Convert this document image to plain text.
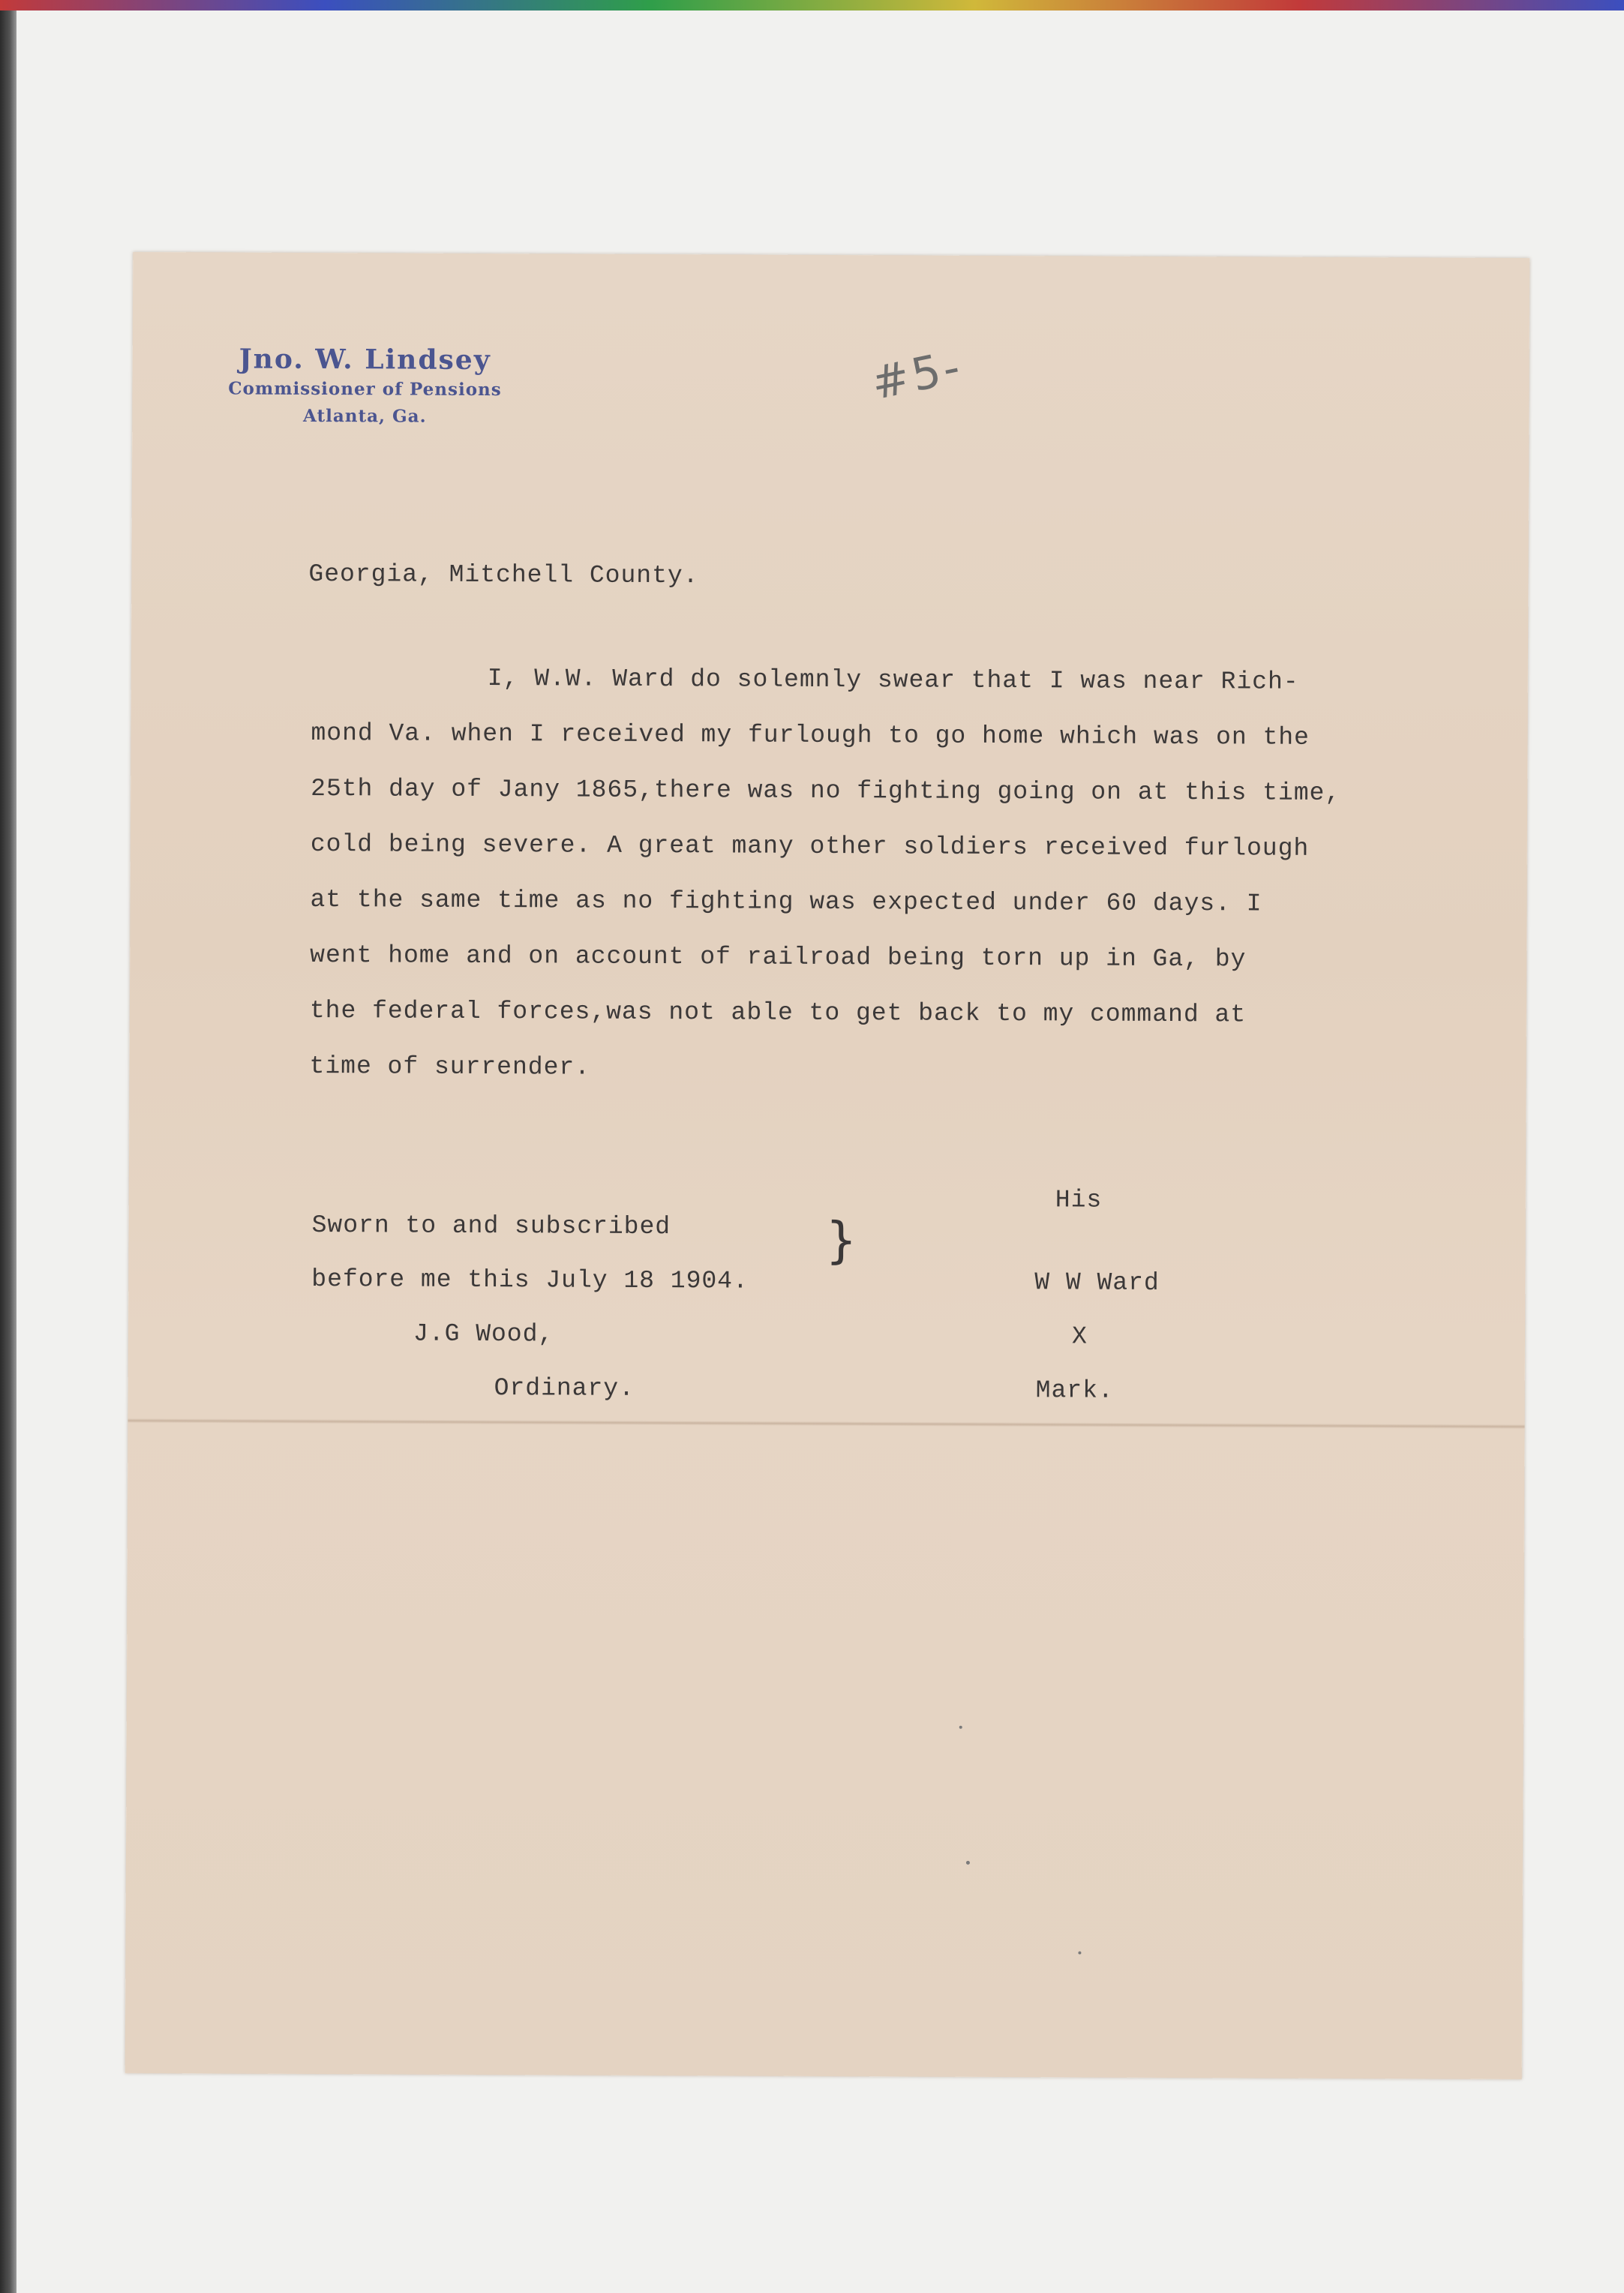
Jno. W. Lindsey
Commissioner of Pensions
Atlanta, Ga.
#5-
Georgia, Mitchell County.
I, W.W. Ward do solemnly swear that I was near Rich-
mond Va. when I received my furlough to go home which was on the
25th day of Jany 1865,there was no fighting going on at this time,
cold being severe. A great many other soldiers received furlough
at the same time as no fighting was expected under 60 days. I
went home and on account of railroad being torn up in Ga, by
the federal forces,was not able to get back to my command at
time of surrender.
Sworn to and subscribed
before me this July 18 1904.
J.G Wood,
Ordinary.
}
His
W W Ward
X
Mark.
